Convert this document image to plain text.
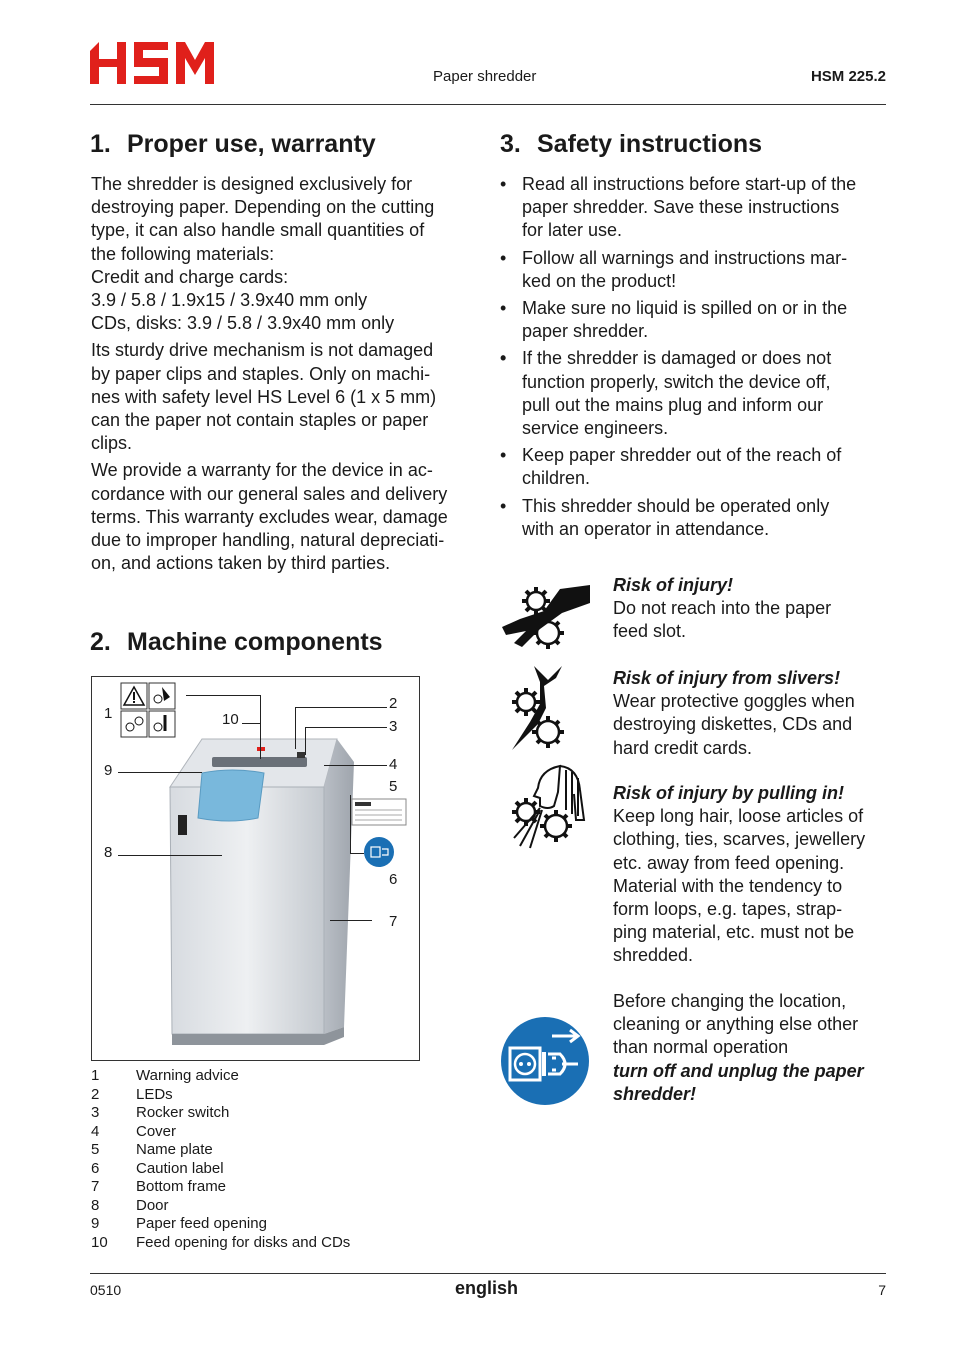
Paper shredder	HSM 225.2
1. Proper use, warranty

The shredder is designed exclusively for
destroying paper. Depending on the cutting
type, it can also handle small quantities of
the following materials:
Credit and charge cards:
3.9 / 5.8 / 1.9x15 / 3.9x40 mm only
CDs, disks: 3.9 / 5.8 / 3.9x40 mm only

Its sturdy drive mechanism is not damaged
by paper clips and staples. Only on machi-
nes with safety level HS Level 6 (1 x 5 mm)
can the paper not contain staples or paper
clips.

We provide a warranty for the device in ac-
cordance with our general sales and delivery
terms. This warranty excludes wear, damage
due to improper handling, natural depreciati-
on, and actions taken by third parties.

2. Machine components
1
2
3
4
5
6
7
8
9
10
1	Warning advice
2	LEDs
3	Rocker switch
4	Cover
5	Name plate
6	Caution label
7	Bottom frame
8	Door
9	Paper feed opening
10	Feed opening for disks and CDs
3. Safety instructions
• Read all instructions before start-up of the
paper shredder. Save these instructions
for later use.
• Follow all warnings and instructions mar-
ked on the product!
• Make sure no liquid is spilled on or in the
paper shredder.
• If the shredder is damaged or does not
function properly, switch the device off,
pull out the mains plug and inform our
service engineers.
• Keep paper shredder out of the reach of
children.
• This shredder should be operated only
with an operator in attendance.
Risk of injury!
Do not reach into the paper
feed slot.
Risk of injury from slivers!
Wear protective goggles when
destroying diskettes, CDs and
hard credit cards.
Risk of injury by pulling in!
Keep long hair, loose articles of
clothing, ties, scarves, jewellery
etc. away from feed opening.
Material with the tendency to
form loops, e.g. tapes, strap-
ping material, etc. must not be
shredded.
Before changing the location,
cleaning or anything else other
than normal operation
turn off and unplug the paper
shredder!
0510	english	7
